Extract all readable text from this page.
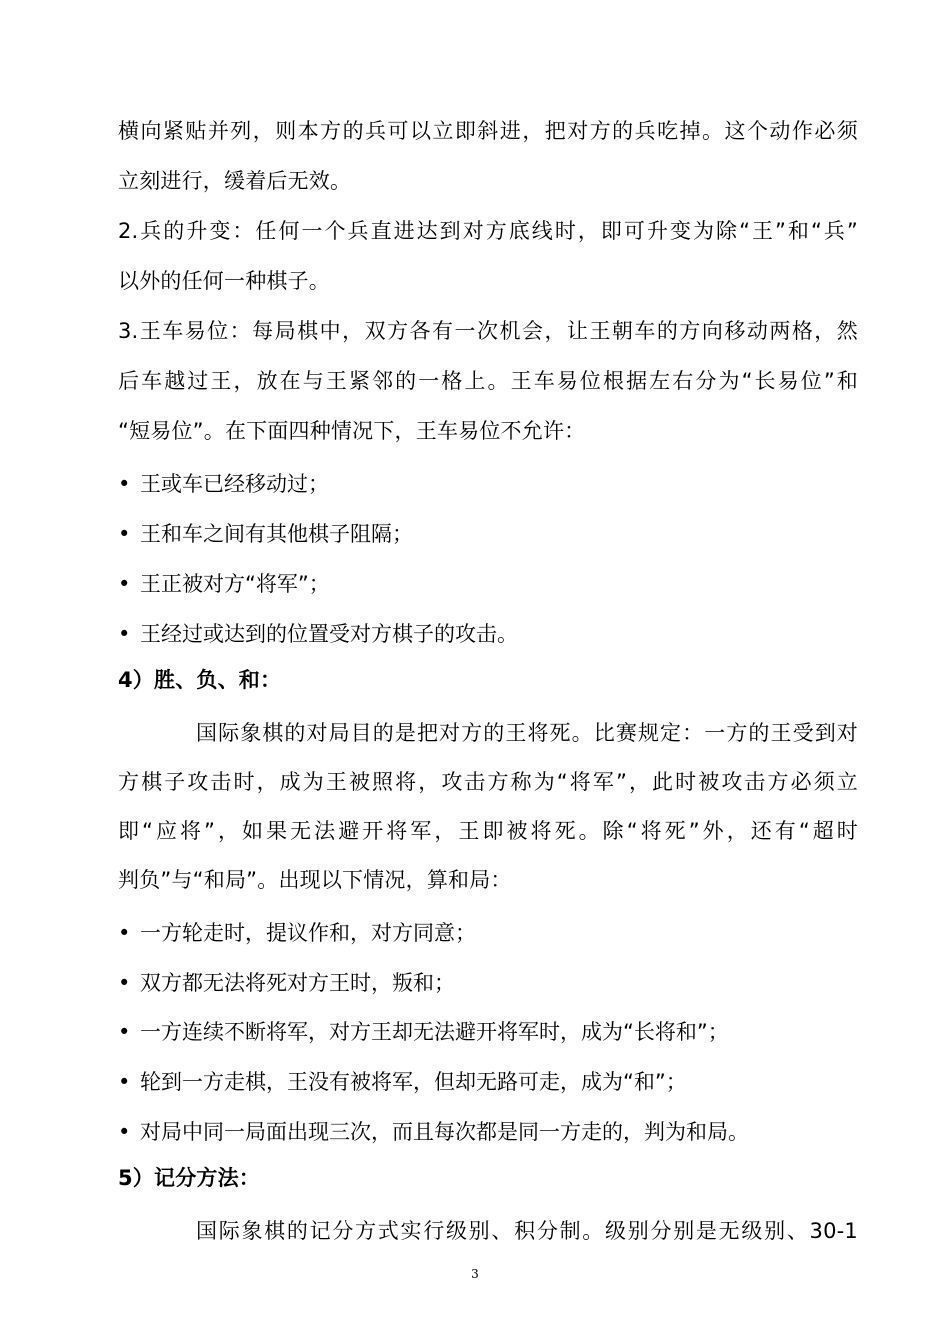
横向紧贴并列，则本方的兵可以立即斜进，把对方的兵吃掉。这个动作必须
立刻进行，缓着后无效。
2.兵的升变：任何一个兵直进达到对方底线时，即可升变为除“王”和“兵”
以外的任何一种棋子。
3.王车易位：每局棋中，双方各有一次机会，让王朝车的方向移动两格，然
后车越过王，放在与王紧邻的一格上。王车易位根据左右分为“长易位”和
“短易位”。在下面四种情况下，王车易位不允许：
• 王或车已经移动过；
• 王和车之间有其他棋子阻隔；
• 王正被对方“将军”；
• 王经过或达到的位置受对方棋子的攻击。
4）胜、负、和：
国际象棋的对局目的是把对方的王将死。比赛规定：一方的王受到对
方棋子攻击时，成为王被照将，攻击方称为“将军”，此时被攻击方必须立
即“应将”，如果无法避开将军，王即被将死。除“将死”外，还有“超时
判负”与“和局”。出现以下情况，算和局：
• 一方轮走时，提议作和，对方同意；
• 双方都无法将死对方王时，叛和；
• 一方连续不断将军，对方王却无法避开将军时，成为“长将和”；
• 轮到一方走棋，王没有被将军，但却无路可走，成为“和”；
• 对局中同一局面出现三次，而且每次都是同一方走的，判为和局。
5）记分方法：
国际象棋的记分方式实行级别、积分制。级别分别是无级别、30-1
3
